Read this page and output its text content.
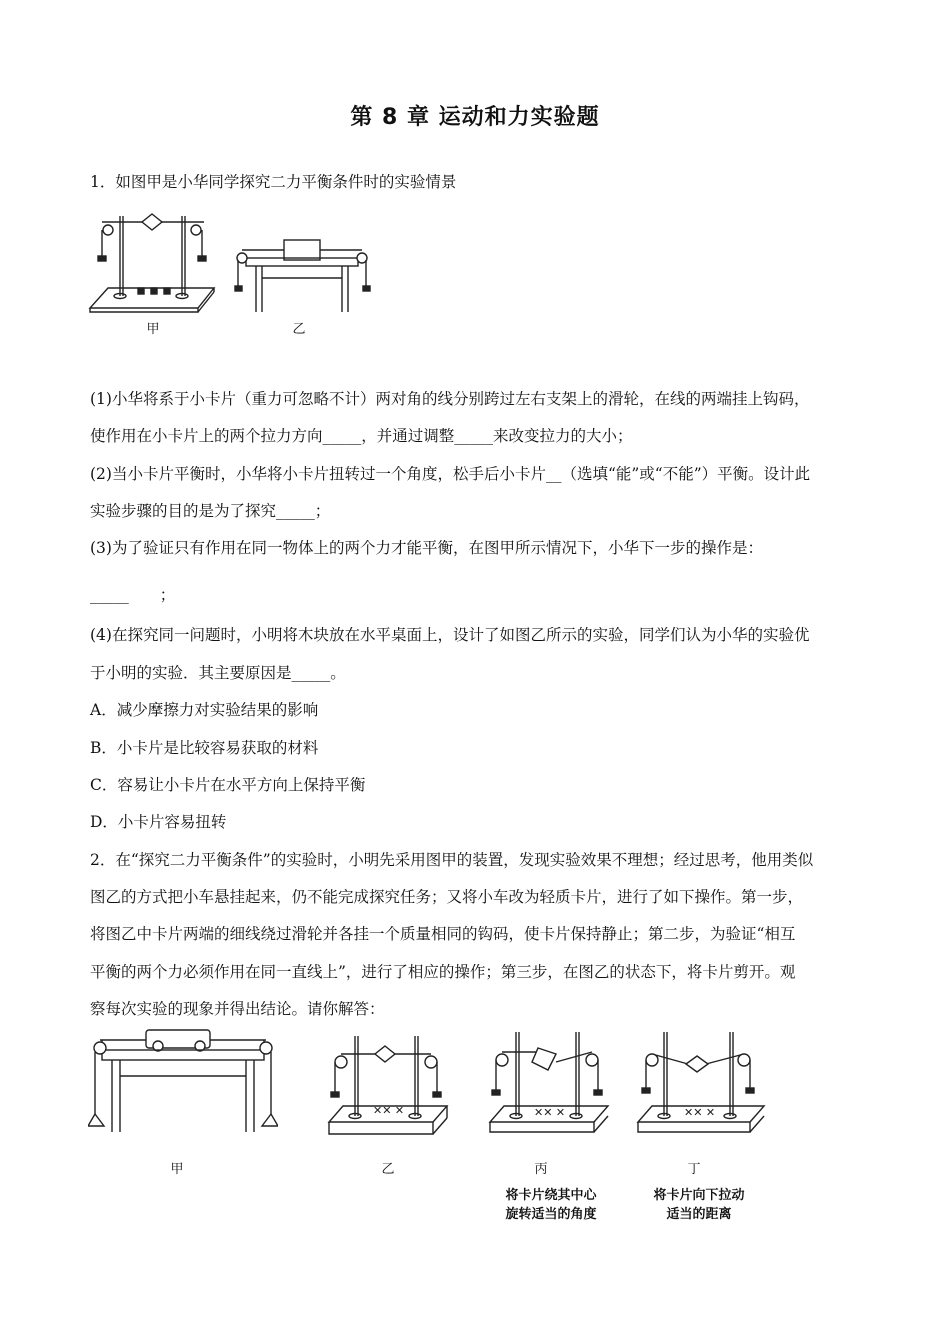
第 8 章 运动和力实验题
1．如图甲是小华同学探究二力平衡条件时的实验情景
甲	乙
(1)小华将系于小卡片（重力可忽略不计）两对角的线分别跨过左右支架上的滑轮，在线的两端挂上钩码，
使作用在小卡片上的两个拉力方向_____，并通过调整_____来改变拉力的大小；
(2)当小卡片平衡时，小华将小卡片扭转过一个角度，松手后小卡片__（选填“能”或“不能”）平衡。设计此
实验步骤的目的是为了探究_____；
(3)为了验证只有作用在同一物体上的两个力才能平衡，在图甲所示情况下，小华下一步的操作是：
_____　　；
(4)在探究同一问题时，小明将木块放在水平桌面上，设计了如图乙所示的实验，同学们认为小华的实验优
于小明的实验．其主要原因是_____。
A．减少摩擦力对实验结果的影响
B．小卡片是比较容易获取的材料
C．容易让小卡片在水平方向上保持平衡
D．小卡片容易扭转
2．在“探究二力平衡条件”的实验时，小明先采用图甲的装置，发现实验效果不理想；经过思考，他用类似
图乙的方式把小车悬挂起来，仍不能完成探究任务；又将小车改为轻质卡片，进行了如下操作。第一步，
将图乙中卡片两端的细线绕过滑轮并各挂一个质量相同的钩码，使卡片保持静止；第二步，为验证“相互
平衡的两个力必须作用在同一直线上”，进行了相应的操作；第三步，在图乙的状态下，将卡片剪开。观
察每次实验的现象并得出结论。请你解答：
甲
✕✕ ✕
乙
✕✕ ✕
丙
将卡片绕其中心
旋转适当的角度
✕✕ ✕
丁
将卡片向下拉动
适当的距离
